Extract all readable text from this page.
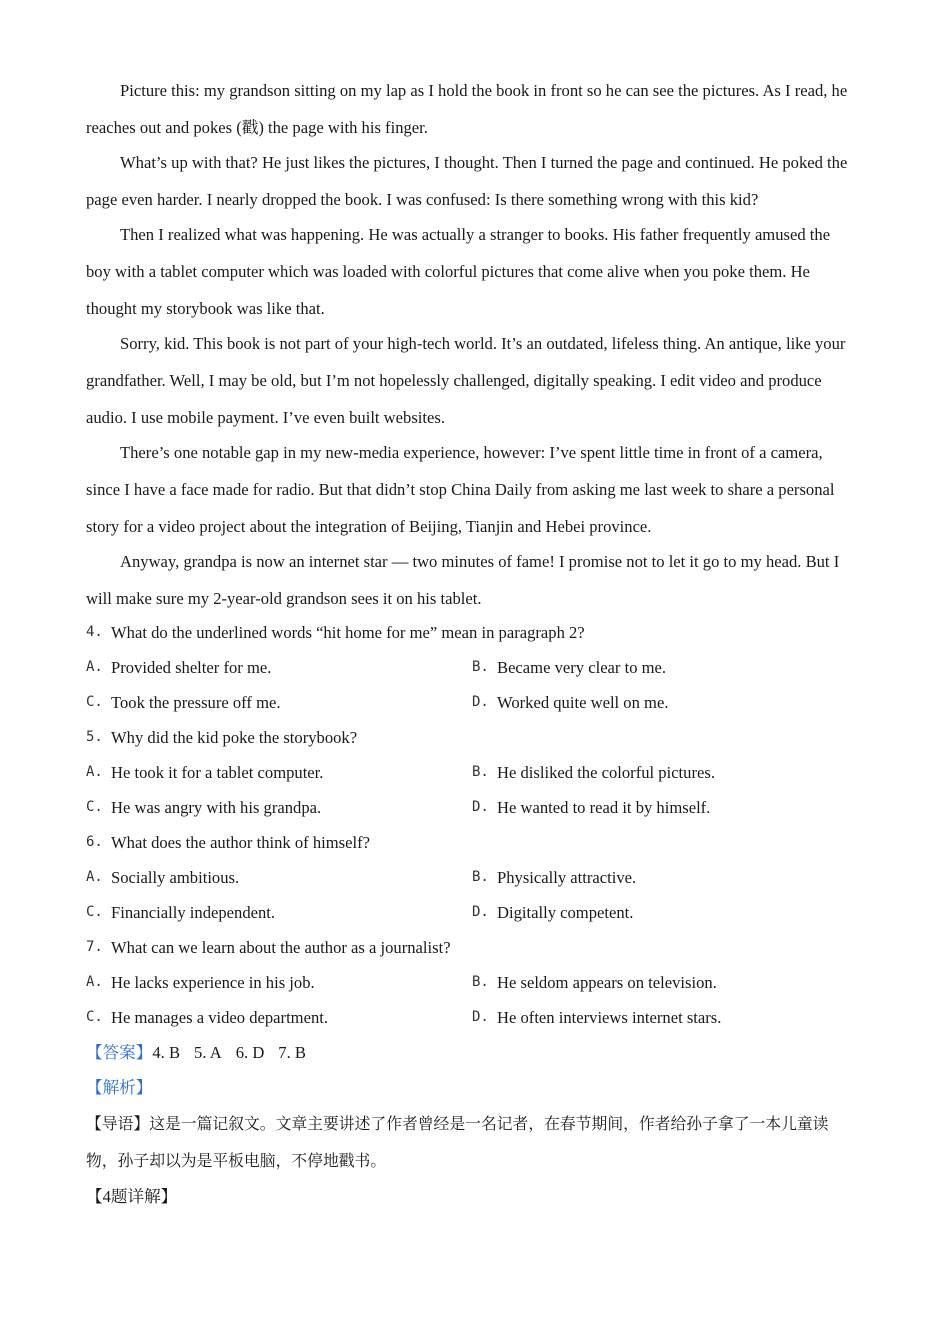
Picture this: my grandson sitting on my lap as I hold the book in front so he can see the pictures. As I read, he reaches out and pokes (戳) the page with his finger.

What’s up with that? He just likes the pictures, I thought. Then I turned the page and continued. He poked the page even harder. I nearly dropped the book. I was confused: Is there something wrong with this kid?

Then I realized what was happening. He was actually a stranger to books. His father frequently amused the boy with a tablet computer which was loaded with colorful pictures that come alive when you poke them. He thought my storybook was like that.

Sorry, kid. This book is not part of your high-tech world. It’s an outdated, lifeless thing. An antique, like your grandfather. Well, I may be old, but I’m not hopelessly challenged, digitally speaking. I edit video and produce audio. I use mobile payment. I’ve even built websites.

There’s one notable gap in my new-media experience, however: I’ve spent little time in front of a camera, since I have a face made for radio. But that didn’t stop China Daily from asking me last week to share a personal story for a video project about the integration of Beijing, Tianjin and Hebei province.

Anyway, grandpa is now an internet star — two minutes of fame! I promise not to let it go to my head. But I will make sure my 2-year-old grandson sees it on his tablet.

4. What do the underlined words “hit home for me” mean in paragraph 2?
A. Provided shelter for me.	B. Became very clear to me.
C. Took the pressure off me.	D. Worked quite well on me.
5. Why did the kid poke the storybook?
A. He took it for a tablet computer.	B. He disliked the colorful pictures.
C. He was angry with his grandpa.	D. He wanted to read it by himself.
6. What does the author think of himself?
A. Socially ambitious.	B. Physically attractive.
C. Financially independent.	D. Digitally competent.
7. What can we learn about the author as a journalist?
A. He lacks experience in his job.	B. He seldom appears on television.
C. He manages a video department.	D. He often interviews internet stars.
【答案】4. B 5. A 6. D 7. B
【解析】

【导语】这是一篇记叙文。文章主要讲述了作者曾经是一名记者，在春节期间，作者给孙子拿了一本儿童读物，孙子却以为是平板电脑，不停地戳书。

【4题详解】
